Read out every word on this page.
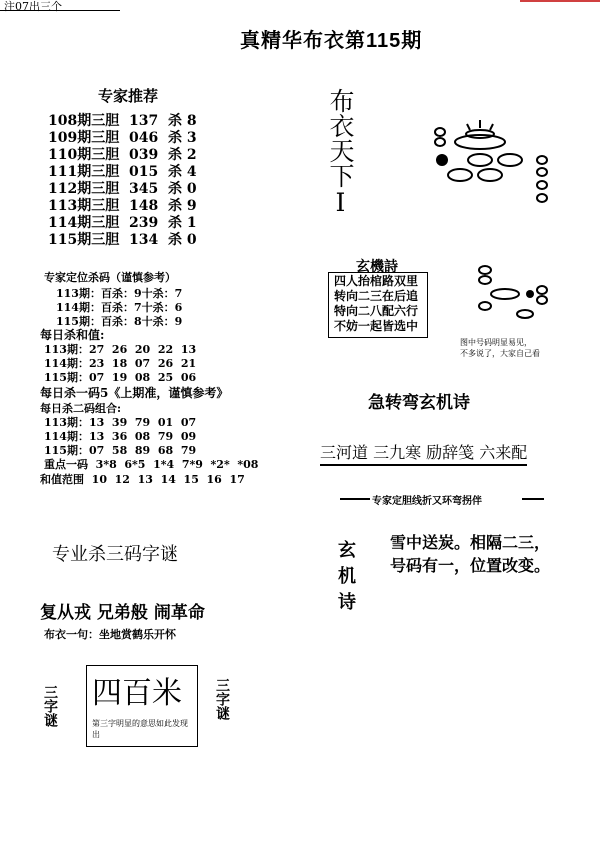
注07出三个
真精华布衣第115期
专家推荐
108期三胆 137 杀 8
109期三胆 046 杀 3
110期三胆 039 杀 2
111期三胆 015 杀 4
112期三胆 345 杀 0
113期三胆 148 杀 9
114期三胆 239 杀 1
115期三胆 134 杀 0
专家定位杀码（谨慎参考）
113期：百杀：9十杀：7
114期：百杀：7十杀：6
115期：百杀：8十杀：9
每日杀和值:
113期：27  26  20  22  13
114期：23  18  07  26  21
115期：07  19  08  25  06
每日杀一码5《上期准，谨慎参考》
每日杀二码组合:
113期：13  39  79  01  07
114期：13  36  08  79  09
115期：07  58  89  68  79
重点一码 3*8  6*5  1*4  7*9  *2*  *08
和值范围 10  12  13  14  15  16  17
专业杀三码字谜
复从戎 兄弟般 闹革命
布衣一句：坐地赏鹤乐开怀
三字谜	三字谜
四百米
第三字明显的意思如此发现出
布衣天下I
玄機詩
四人抬棺路双里
转向二三在后追
特向二八配六行
不妨一起皆选中
图中号码明显易见，
不多说了，大家自己看
急转弯玄机诗
三河道 三九寒 励辞笺 六来配
专家定胆线折又环弯拐伴
玄机诗 雪中送炭。相隔二三，
号码有一，位置改变。
